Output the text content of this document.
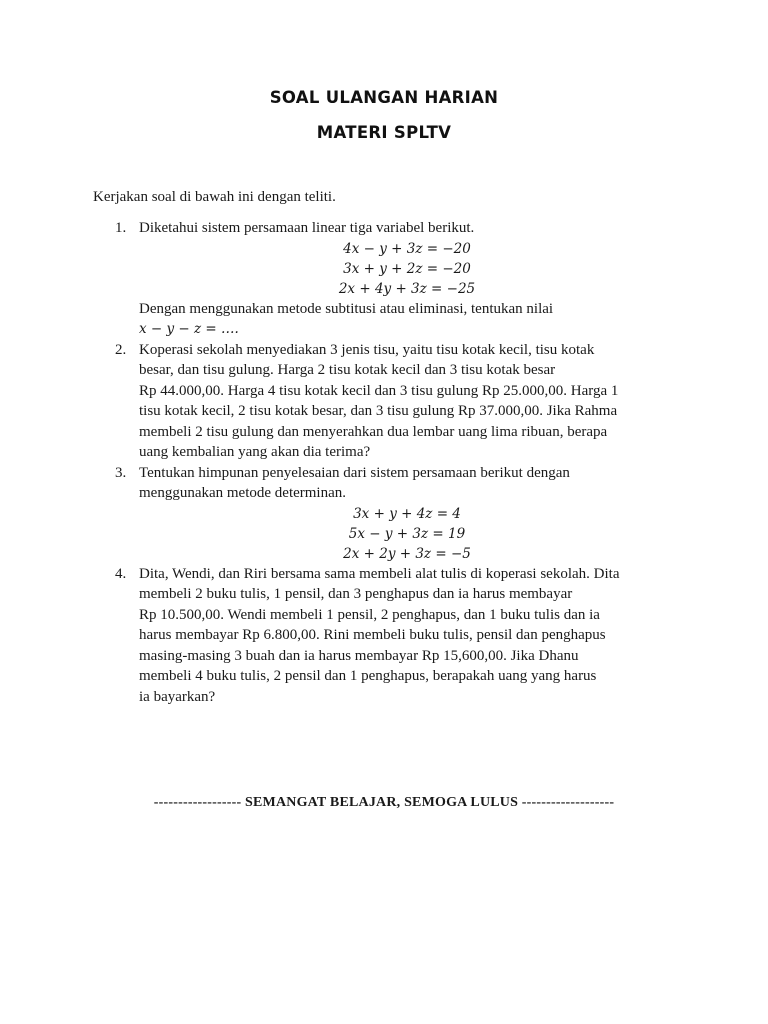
SOAL ULANGAN HARIAN
MATERI SPLTV
Kerjakan soal di bawah ini dengan teliti.
1. Diketahui sistem persamaan linear tiga variabel berikut.
4x − y + 3z = −20
3x + y + 2z = −20
2x + 4y + 3z = −25
Dengan menggunakan metode subtitusi atau eliminasi, tentukan nilai
x − y − z = ….
2. Koperasi sekolah menyediakan 3 jenis tisu, yaitu tisu kotak kecil, tisu kotak
besar, dan tisu gulung. Harga 2 tisu kotak kecil dan 3 tisu kotak besar
Rp 44.000,00. Harga 4 tisu kotak kecil dan 3 tisu gulung Rp 25.000,00. Harga 1
tisu kotak kecil, 2 tisu kotak besar, dan 3 tisu gulung Rp 37.000,00. Jika Rahma
membeli 2 tisu gulung dan menyerahkan dua lembar uang lima ribuan, berapa
uang kembalian yang akan dia terima?
3. Tentukan himpunan penyelesaian dari sistem persamaan berikut dengan
menggunakan metode determinan.
3x + y + 4z = 4
5x − y + 3z = 19
2x + 2y + 3z = −5
4. Dita, Wendi, dan Riri bersama sama membeli alat tulis di koperasi sekolah. Dita
membeli 2 buku tulis, 1 pensil, dan 3 penghapus dan ia harus membayar
Rp 10.500,00. Wendi membeli 1 pensil, 2 penghapus, dan 1 buku tulis dan ia
harus membayar Rp 6.800,00. Rini membeli buku tulis, pensil dan penghapus
masing-masing 3 buah dan ia harus membayar Rp 15,600,00. Jika Dhanu
membeli 4 buku tulis, 2 pensil dan 1 penghapus, berapakah uang yang harus
ia bayarkan?
------------------ SEMANGAT BELAJAR, SEMOGA LULUS -------------------
